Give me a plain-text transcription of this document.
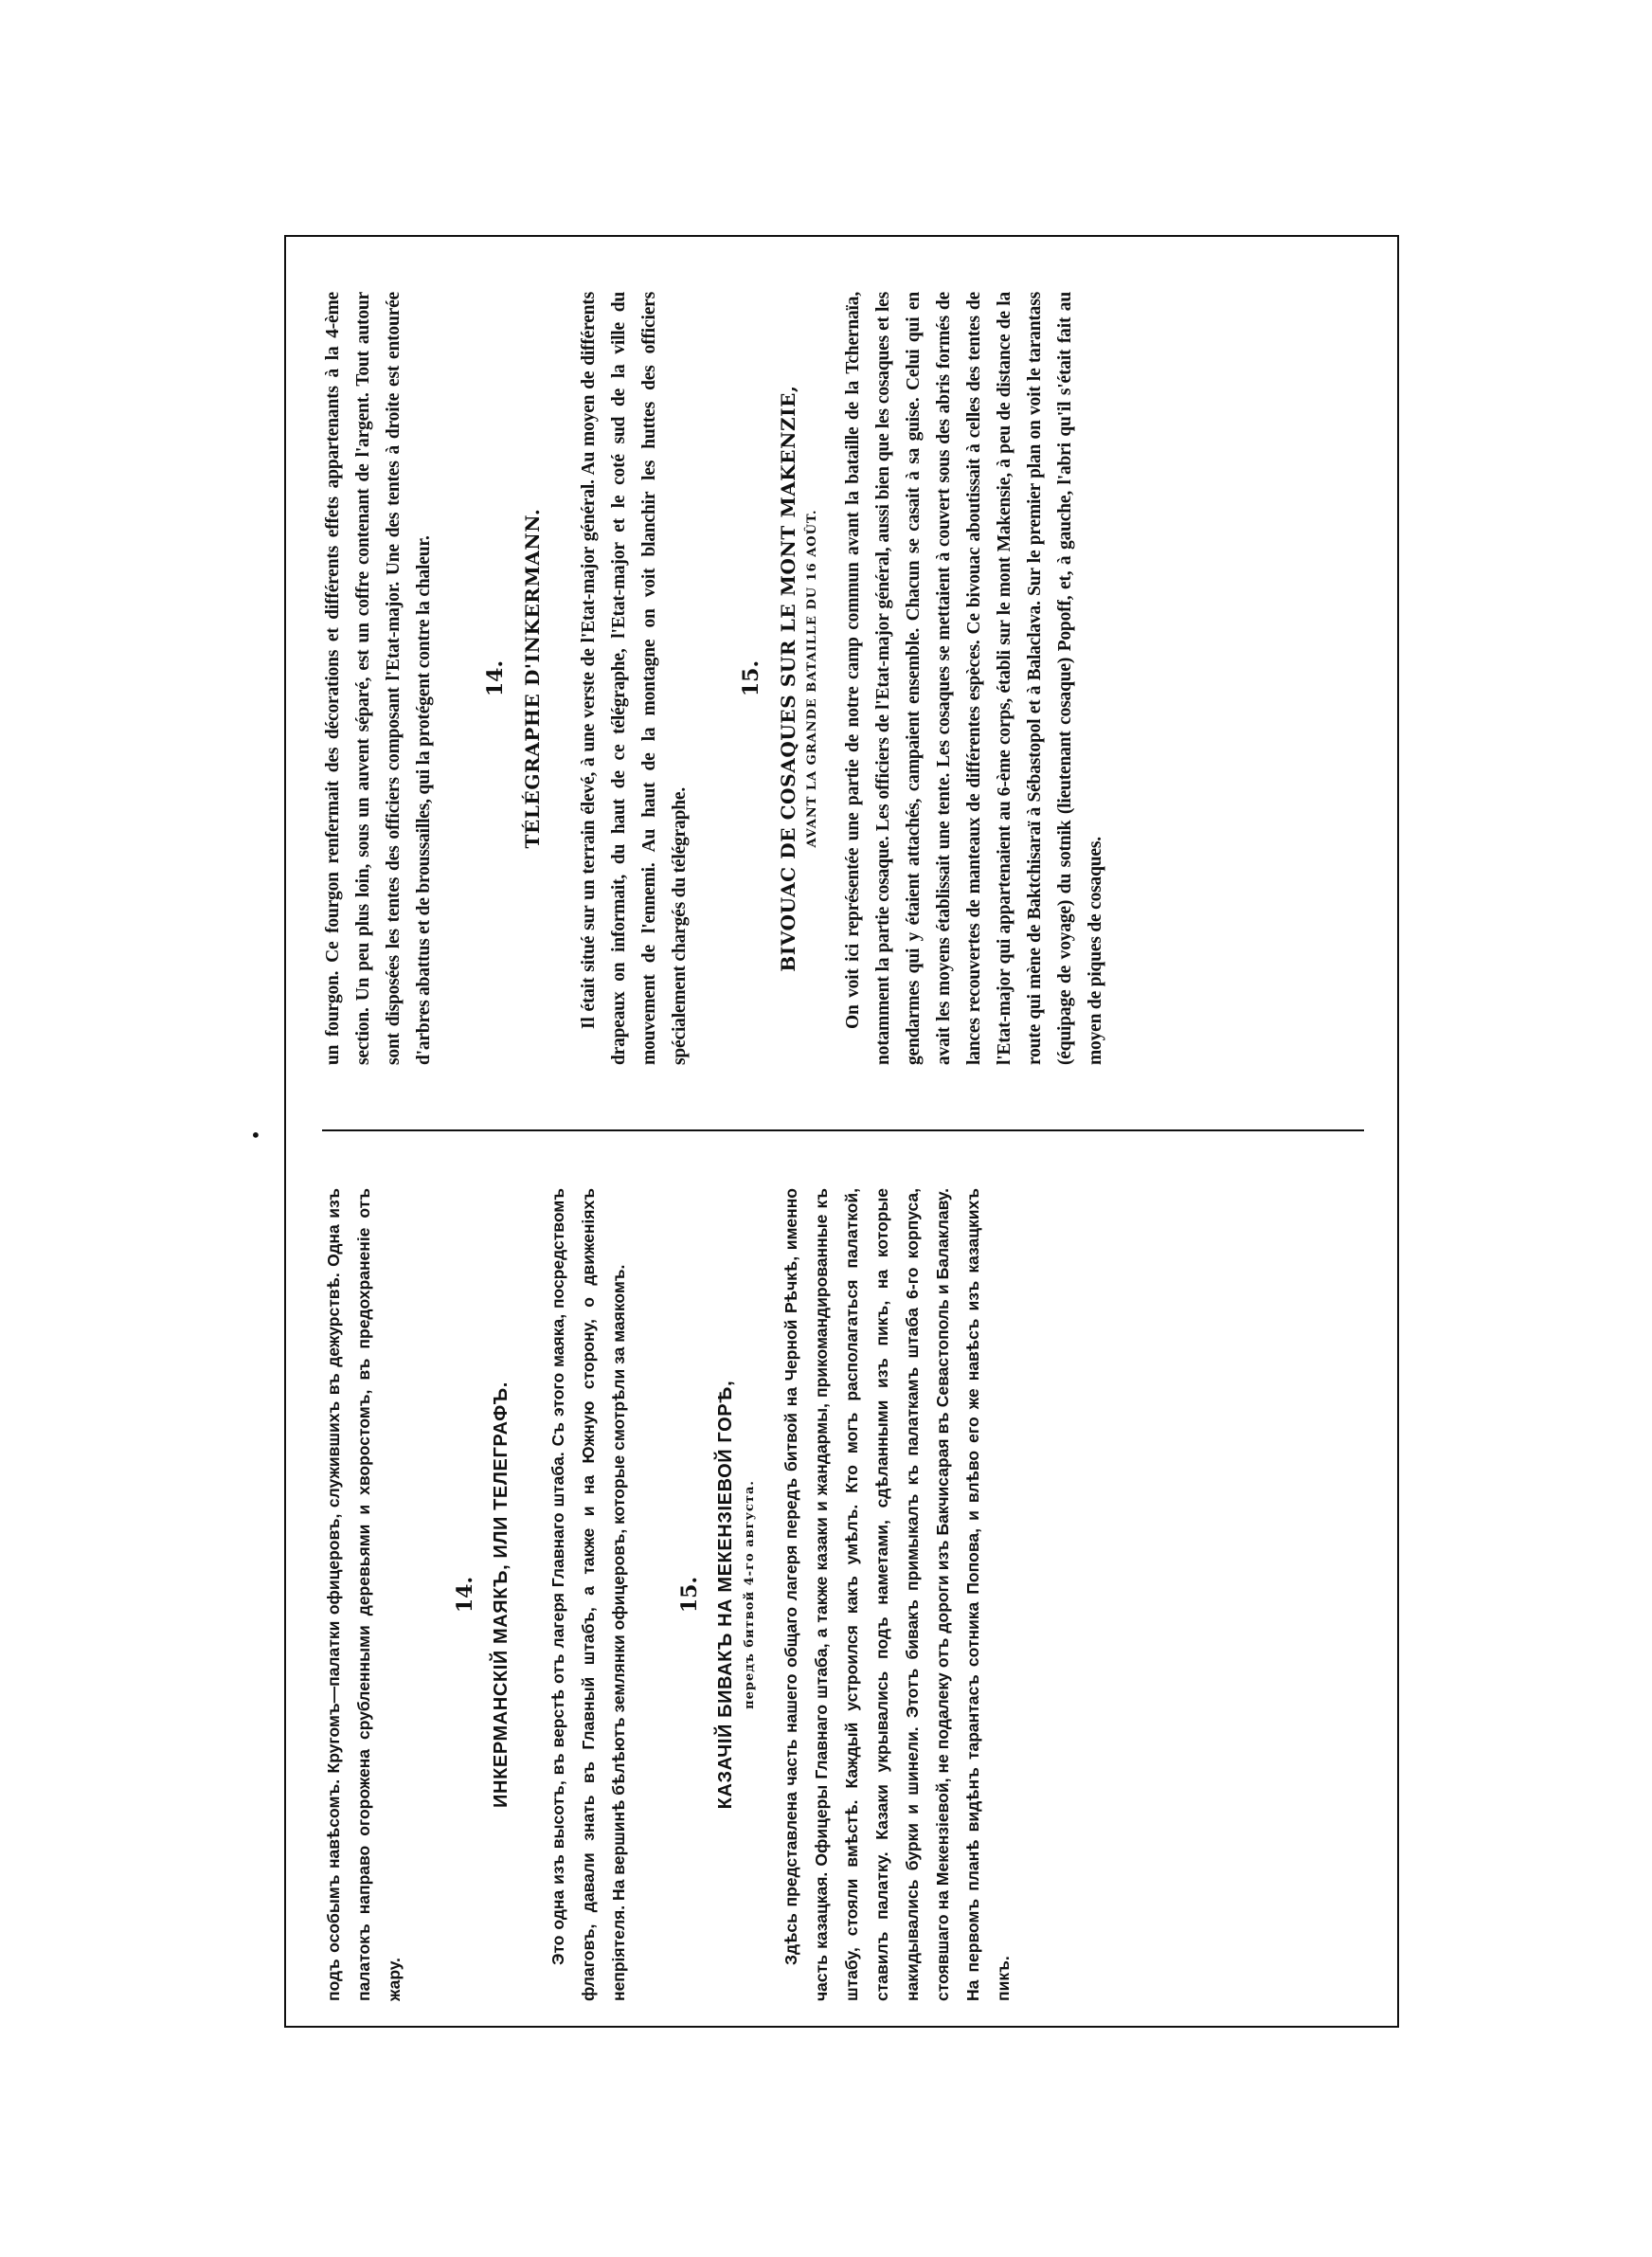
•

подъ особымъ навѣсомъ. Кругомъ—палатки офицеровъ, служившихъ въ дежурствѣ. Одна изъ палатокъ направо огорожена срубленными деревьями и хворостомъ, въ предохраненіе отъ жару.

14. ИНКЕРМАНСКІЙ МАЯКЪ, ИЛИ ТЕЛЕГРАФЪ.	Это одна изъ высотъ, въ верстѣ отъ лагеря Главнаго штаба. Съ этого маяка, посредствомъ флаговъ, давали знать въ Главный штабъ, а также и на Южную сторону, о движеніяхъ непріятеля. На вершинѣ бѣлѣютъ землянки офицеровъ, которые смотрѣли за маякомъ. 15. КАЗАЧІЙ БИВАКЪ НА МЕКЕНЗІЕВОЙ ГОРѢ, передъ битвой 4-го августа.	Здѣсь представлена часть нашего общаго лагеря передъ битвой на Черной Рѣчкѣ, именно часть казацкая. Офицеры Главнаго штаба, а также казаки и жандармы, прикомандированные къ штабу, стояли вмѣстѣ. Каждый устроился какъ умѣлъ. Кто могъ располагаться палаткой, ставилъ палатку. Казаки укрывались подъ наметами, сдѣланными изъ пикъ, на которые накидывались бурки и шинели. Этотъ бивакъ примыкалъ къ палаткамъ штаба 6-го корпуса, стоявшаго на Мекензіевой, не подалеку отъ дороги изъ Бакчисарая въ Севастополь и Балаклаву. На первомъ планѣ видѣнъ тарантасъ сотника Попова, и влѣво его же навѣсъ изъ казацкихъ пикъ.

un fourgon. Ce fourgon renfermait des décorations et différents effets appartenants à la 4-ème section. Un peu plus loin, sous un auvent séparé, est un coffre contenant de l'argent. Tout autour sont disposées les tentes des officiers composant l'Etat-major. Une des tentes à droite est entourée d'arbres abattus et de broussailles, qui la protégent contre la chaleur. 14. TÉLÉGRAPHE D'INKERMANN. Il était situé sur un terrain élevé, à une verste de l'Etat-major général. Au moyen de différents drapeaux on informait, du haut de ce télégraphe, l'Etat-major et le coté sud de la ville du mouvement de l'ennemi. Au haut de la montagne on voit blanchir les huttes des officiers spécialement chargés du télégraphe.

15. BIVOUAC DE COSAQUES SUR LE MONT MAKENZIE, AVANT LA GRANDE BATAILLE DU 16 AOÛT. On voit ici représentée une partie de notre camp commun avant la bataille de la Tchernaïa, notamment la partie cosaque. Les officiers de l'Etat-major général, aussi bien que les cosaques et les gendarmes qui y étaient attachés, campaient ensemble. Chacun se casait à sa guise. Celui qui en avait les moyens établissait une tente. Les cosaques se mettaient à couvert sous des abris formés de lances recouvertes de manteaux de différentes espèces. Ce bivouac aboutissait à celles des tentes de l'Etat-major qui appartenaient au 6-ème corps, établi sur le mont Makensie, à peu de distance de la route qui mène de Baktchisaraï à Sébastopol et à Balaclava. Sur le premier plan on voit le tarantass (équipage de voyage) du sotnik (lieutenant cosaque) Popoff, et, à gauche, l'abri qu'il s'était fait au moyen de piques de cosaques.
